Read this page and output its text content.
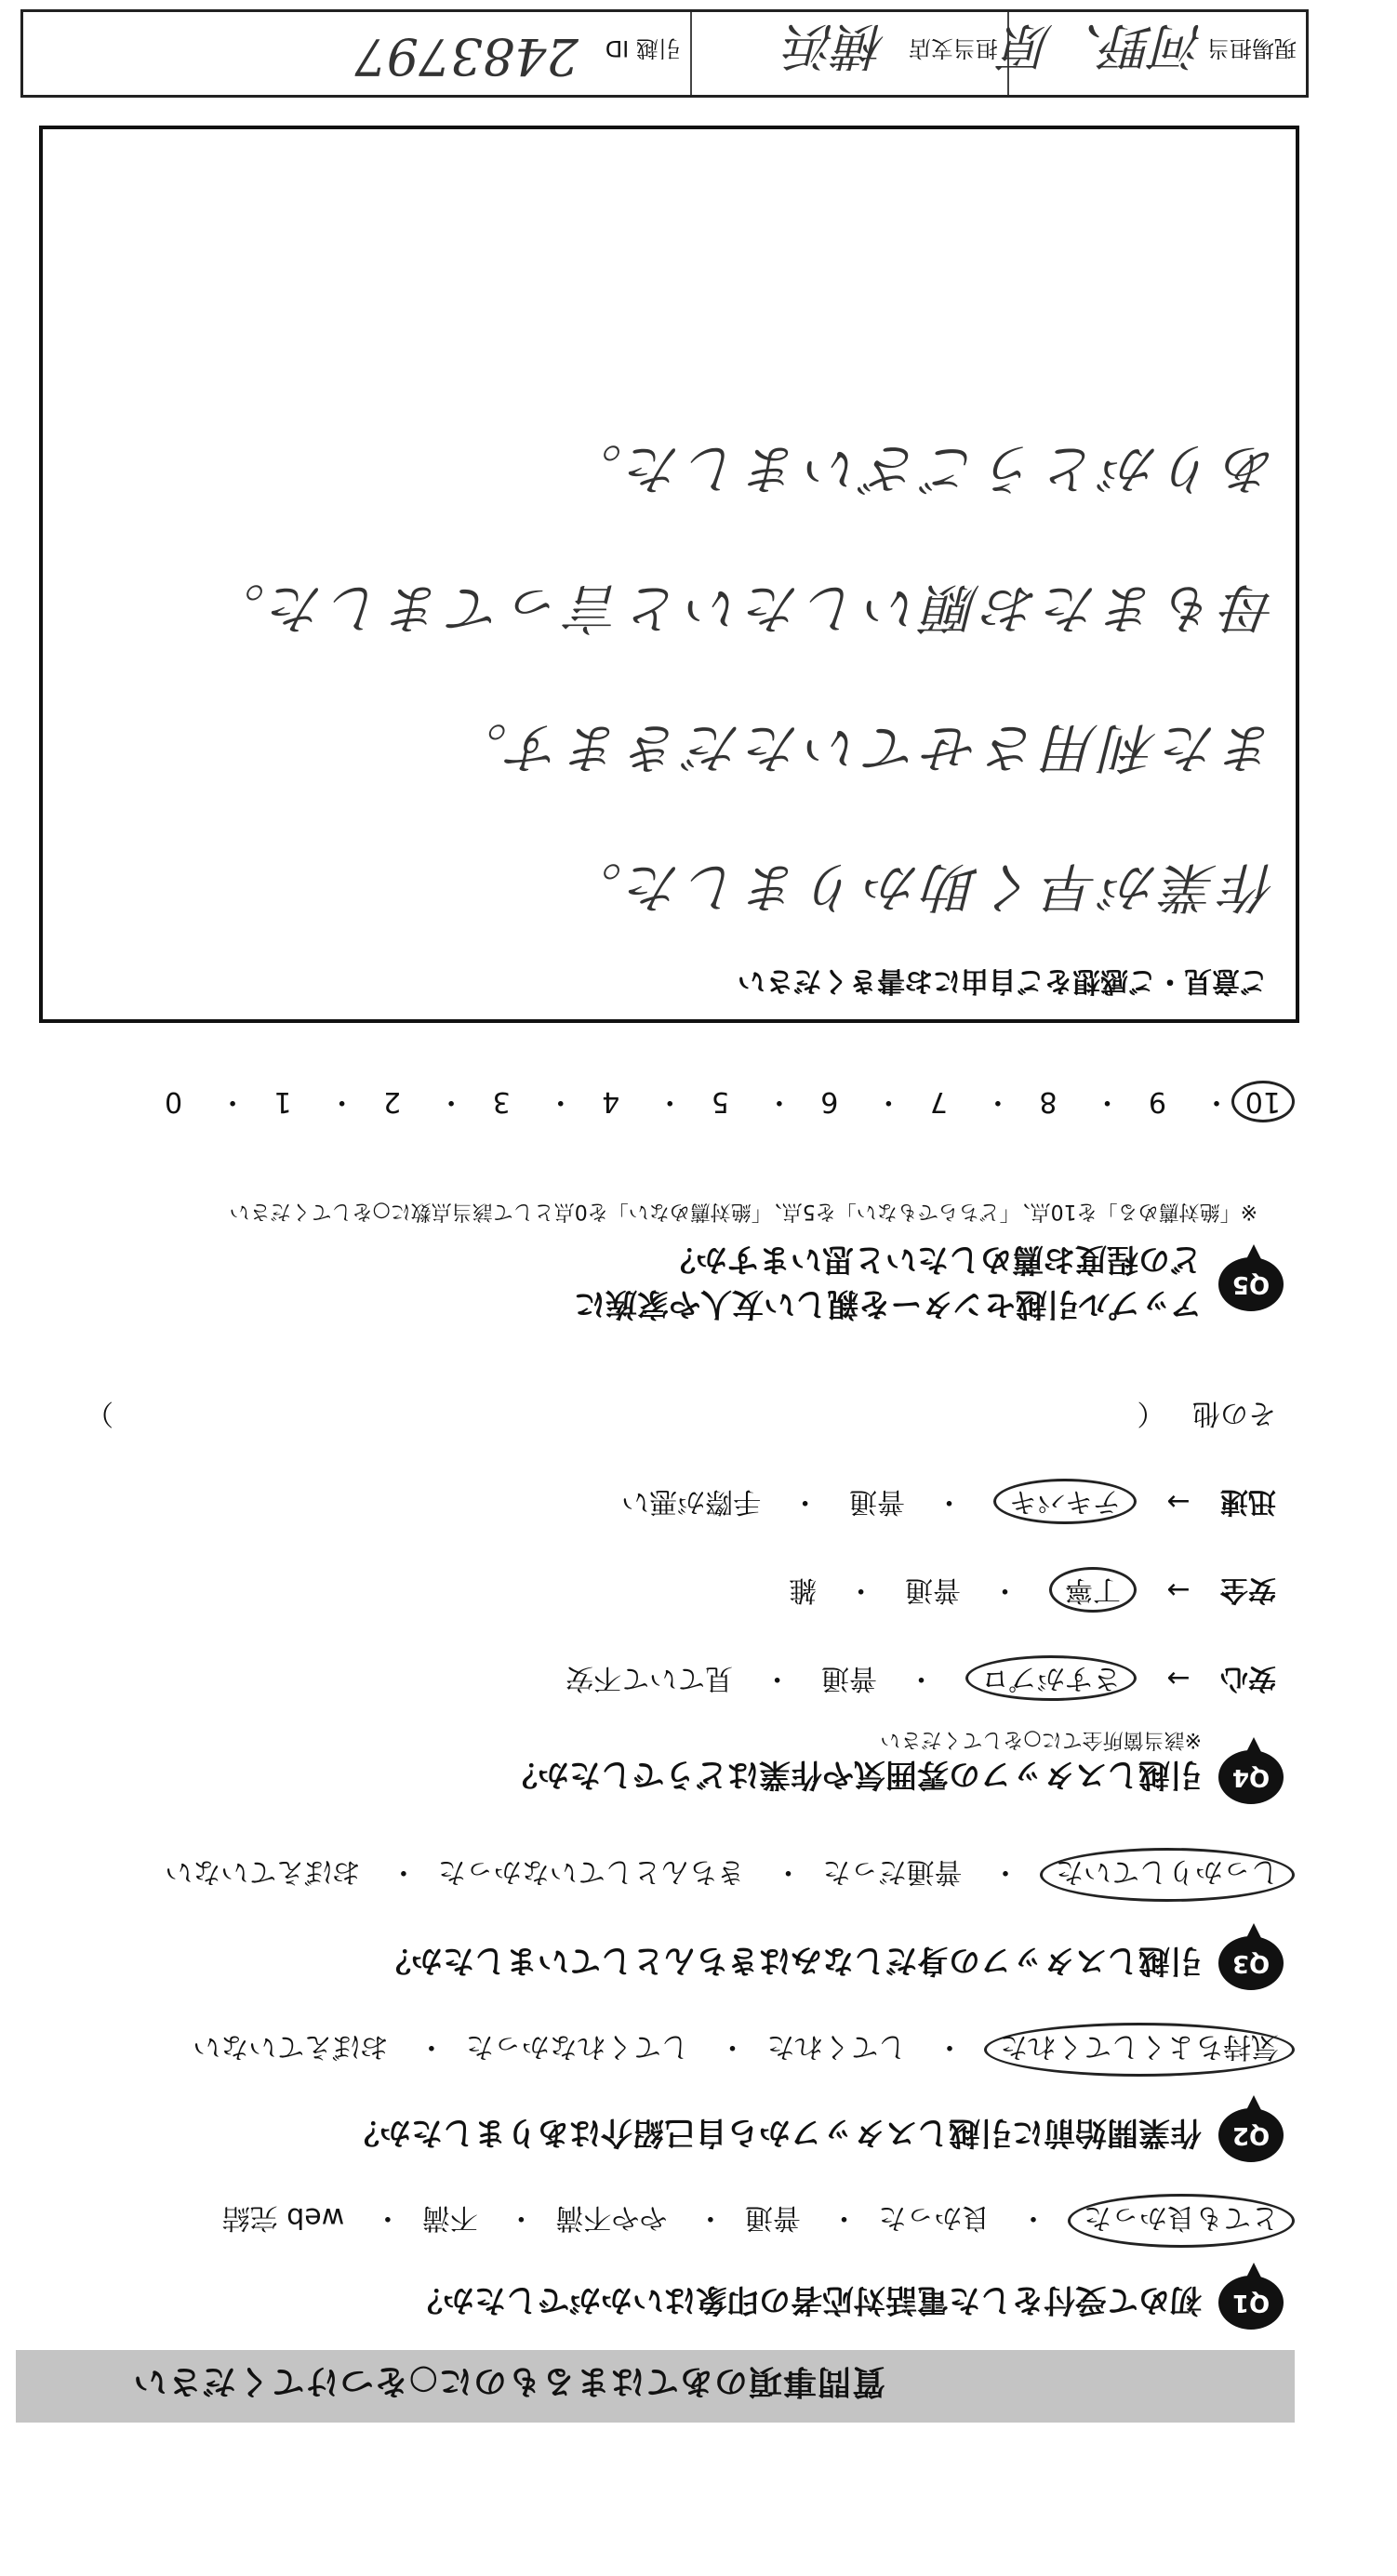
質問事項のあてはまるものに○をつけてください
Q1
初めて受付をした電話対応者の印象はいかがでしたか？
とても良かった・ 良かった・ 普通・ やや不満・ 不満・ web 完結
Q2
作業開始前に引越しスタッフから自己紹介はありましたか？
気持ちよくしてくれた・ してくれた・ してくれなかった・ おぼえていない
Q3
引越しスタッフの身だしなみはきちんとしていましたか？
しっかりしていた・ 普通だった・ きちんとしていなかった・ おぼえていない
Q4
引越しスタッフの雰囲気や作業はどうでしたか？
※該当箇所全てに○をしてください
安心 → さすがプロ ・ 普通 ・ 見ていて不安
安全 → 丁寧 ・ 普通 ・ 雑
迅速 → テキパキ ・ 普通 ・ 手際が悪い
その他 （
）
Q5
アップル引越センターを親しい友人や家族に
どの程度お薦めしたいと思いますか？
※「絶対薦める」を10点、「どちらでもない」を5点、「絶対薦めない」を0点として該当点数に○をしてください
10・ 9・ 8・ 7・ 6・ 5・ 4・ 3・ 2・ 1・ 0
ご意見・ご感想をご自由にお書きください
作業が早く助かりました。
また利用させていただきます。
母もまたお願いしたいと言ってました。
ありがとうございました。
現場担当
河野、原
担当支店
横浜
引越 ID
2483797
